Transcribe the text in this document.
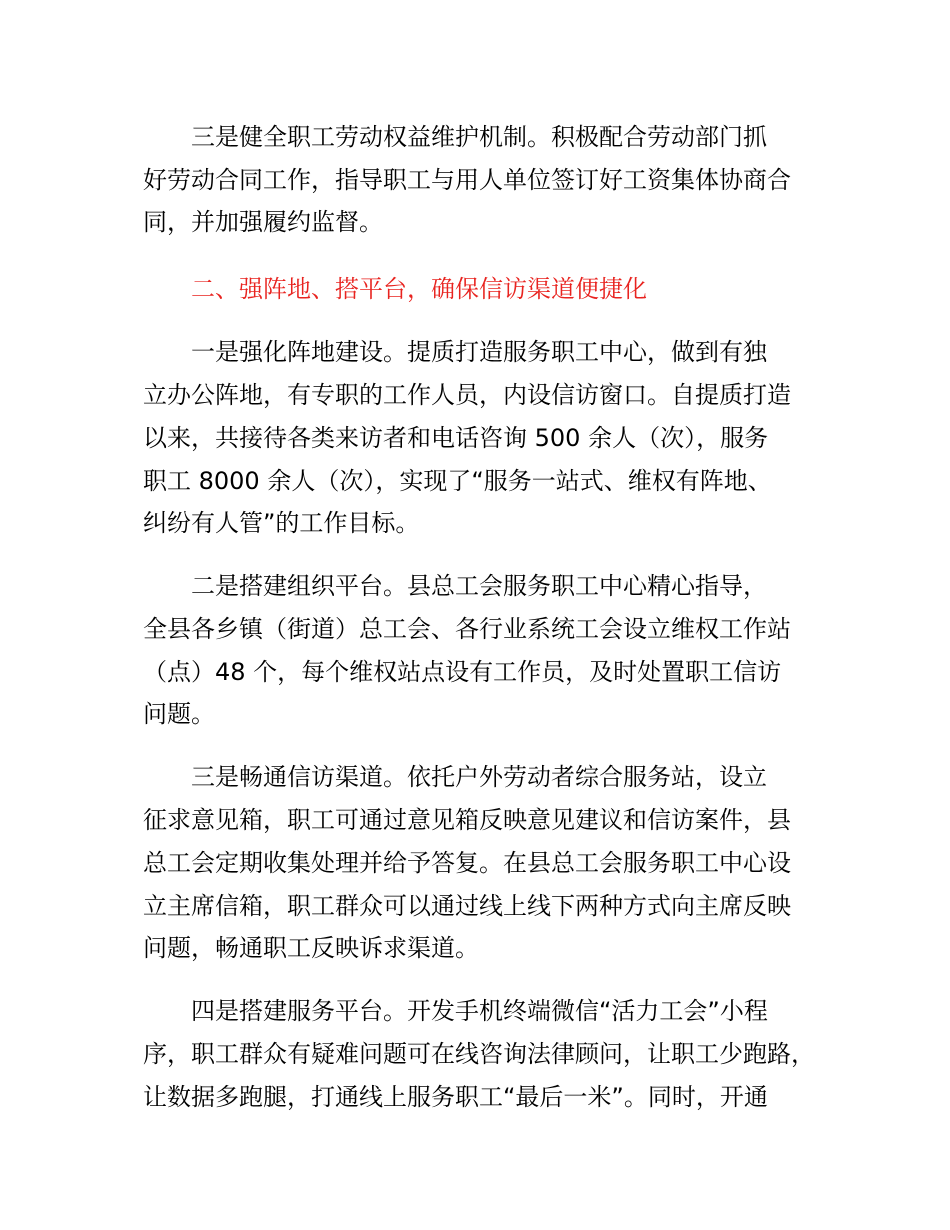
三是健全职工劳动权益维护机制。积极配合劳动部门抓
好劳动合同工作，指导职工与用人单位签订好工资集体协商合
同，并加强履约监督。
二、强阵地、搭平台，确保信访渠道便捷化
一是强化阵地建设。提质打造服务职工中心，做到有独
立办公阵地，有专职的工作人员，内设信访窗口。自提质打造
以来，共接待各类来访者和电话咨询 500 余人（次），服务
职工 8000 余人（次），实现了“服务一站式、维权有阵地、
纠纷有人管”的工作目标。
二是搭建组织平台。县总工会服务职工中心精心指导，
全县各乡镇（街道）总工会、各行业系统工会设立维权工作站
（点）48 个，每个维权站点设有工作员，及时处置职工信访
问题。
三是畅通信访渠道。依托户外劳动者综合服务站，设立
征求意见箱，职工可通过意见箱反映意见建议和信访案件，县
总工会定期收集处理并给予答复。在县总工会服务职工中心设
立主席信箱，职工群众可以通过线上线下两种方式向主席反映
问题，畅通职工反映诉求渠道。
四是搭建服务平台。开发手机终端微信“活力工会”小程
序，职工群众有疑难问题可在线咨询法律顾问，让职工少跑路，
让数据多跑腿，打通线上服务职工“最后一米”。同时，开通
